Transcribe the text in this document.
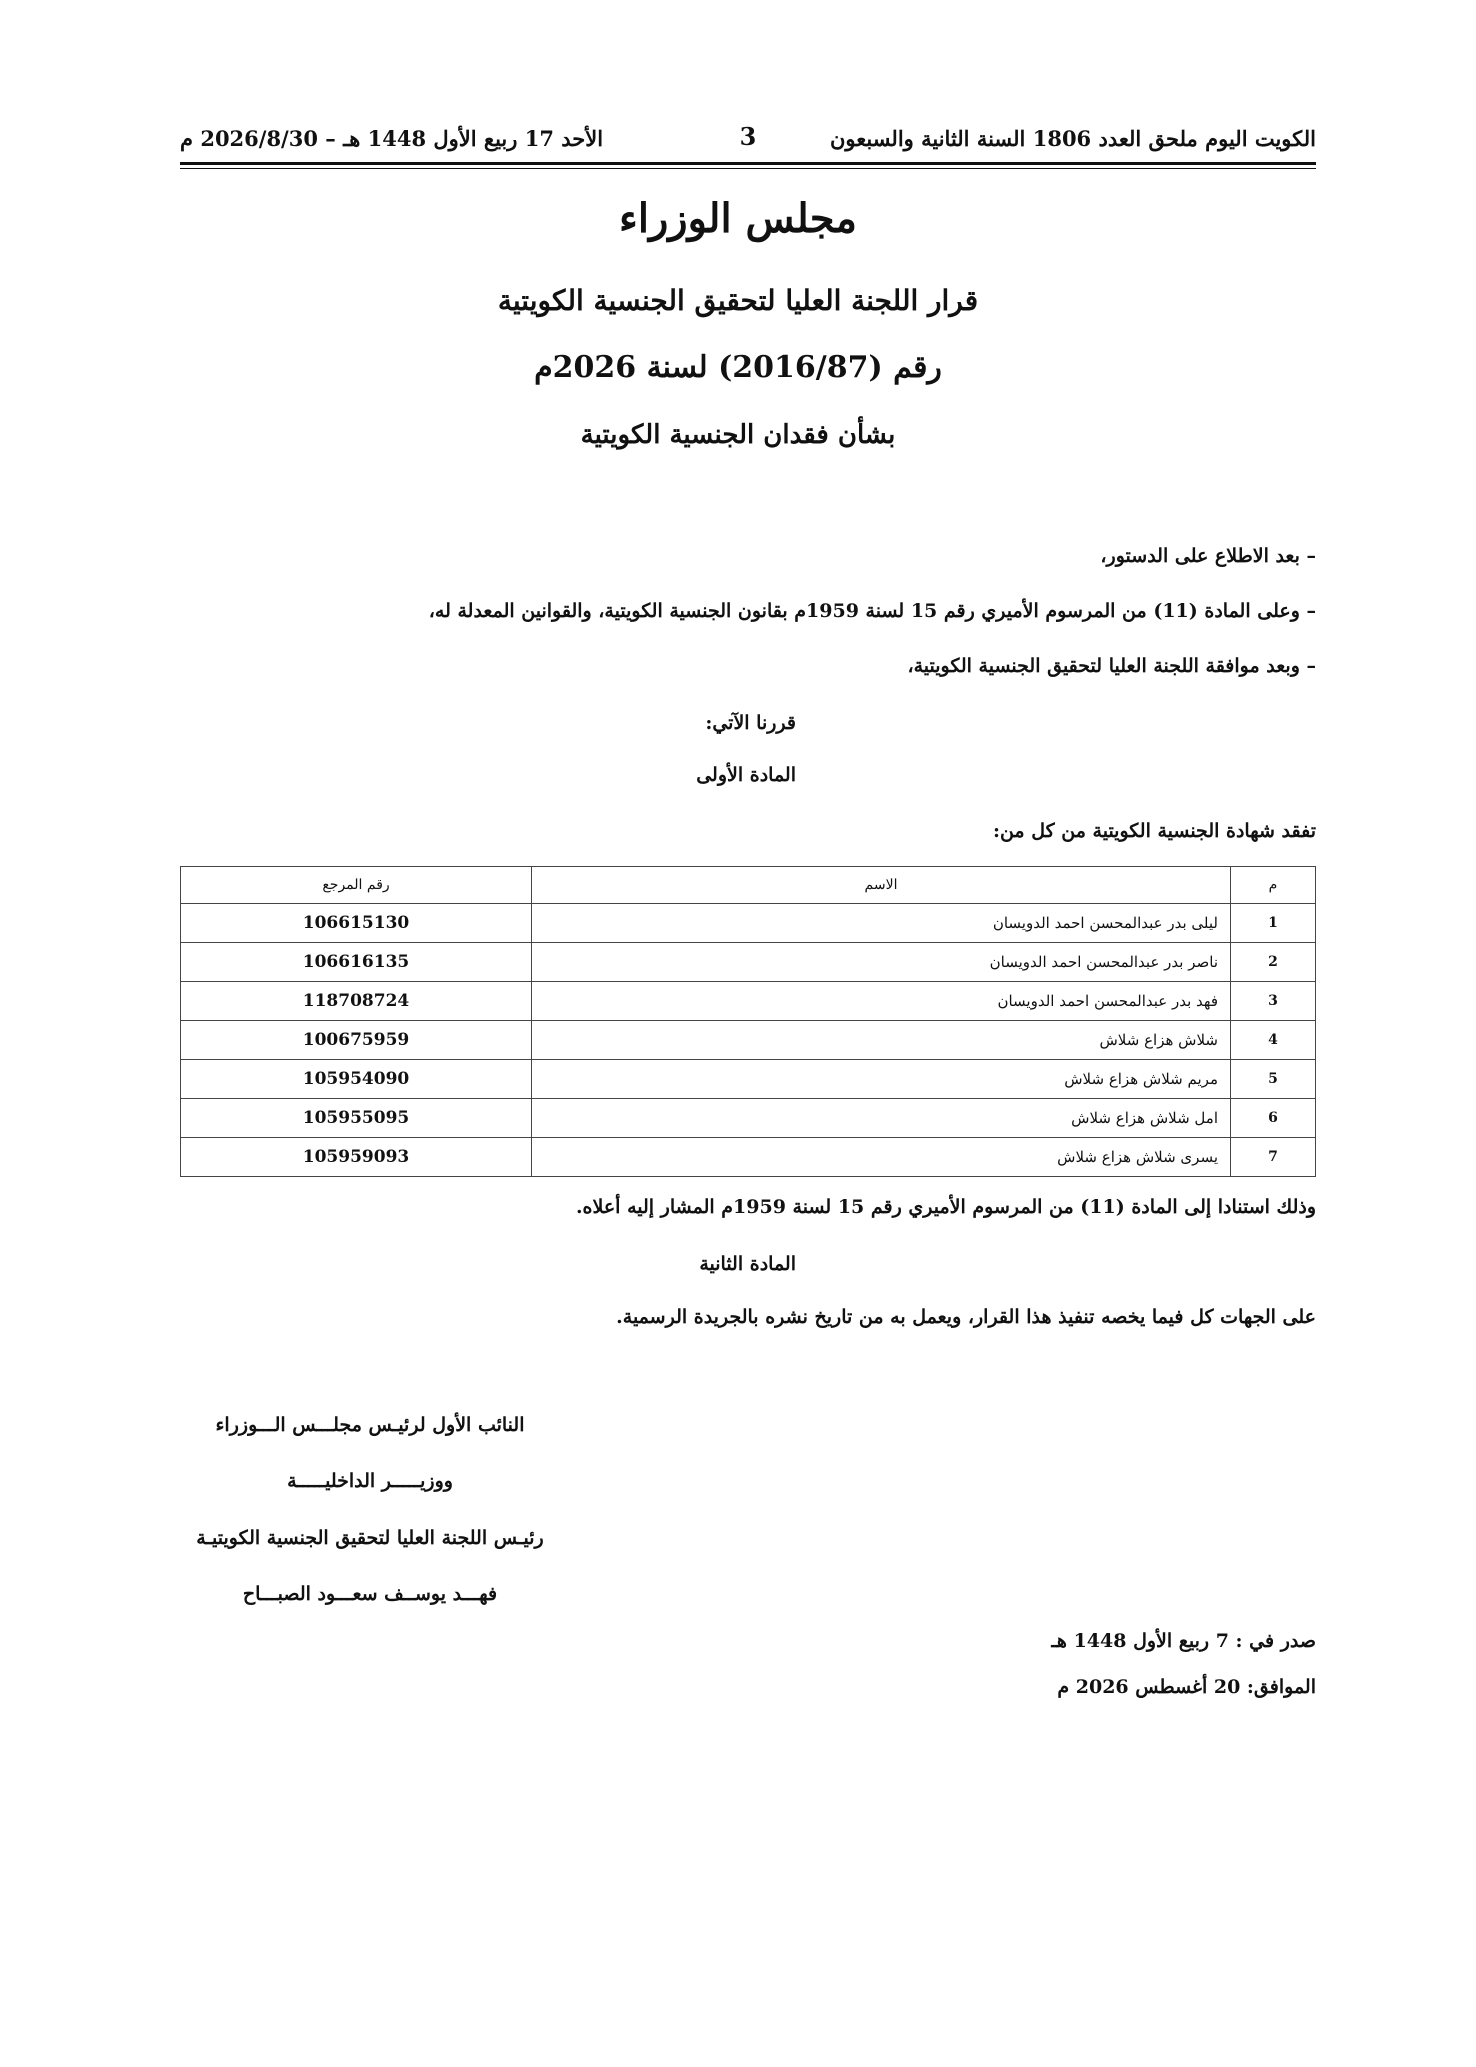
الكويت اليوم ملحق العدد 1806 السنة الثانية والسبعون
3
الأحد 17 ربيع الأول 1448 هـ – 2026/8/30 م
مجلس الوزراء
قرار اللجنة العليا لتحقيق الجنسية الكويتية
رقم (2016/87) لسنة 2026م
بشأن فقدان الجنسية الكويتية
– بعد الاطلاع على الدستور،
– وعلى المادة (11) من المرسوم الأميري رقم 15 لسنة 1959م بقانون الجنسية الكويتية، والقوانين المعدلة له،
– وبعد موافقة اللجنة العليا لتحقيق الجنسية الكويتية،
قررنا الآتي:
المادة الأولى
تفقد شهادة الجنسية الكويتية من كل من:
م	الاسم	رقم المرجع
1	ليلى بدر عبدالمحسن احمد الدويسان	106615130
2	ناصر بدر عبدالمحسن احمد الدويسان	106616135
3	فهد بدر عبدالمحسن احمد الدويسان	118708724
4	شلاش هزاع شلاش	100675959
5	مريم شلاش هزاع شلاش	105954090
6	امل شلاش هزاع شلاش	105955095
7	يسرى شلاش هزاع شلاش	105959093
وذلك استنادا إلى المادة (11) من المرسوم الأميري رقم 15 لسنة 1959م المشار إليه أعلاه.
المادة الثانية
على الجهات كل فيما يخصه تنفيذ هذا القرار، ويعمل به من تاريخ نشره بالجريدة الرسمية.
النائب الأول لرئيـس مجلـــس الـــوزراء
ووزيـــــر الداخليـــــة
رئيـس اللجنة العليا لتحقيق الجنسية الكويتيـة
فهـــد يوســف سعـــود الصبـــاح
صدر في : 7 ربيع الأول 1448 هـ
الموافق: 20 أغسطس 2026 م
